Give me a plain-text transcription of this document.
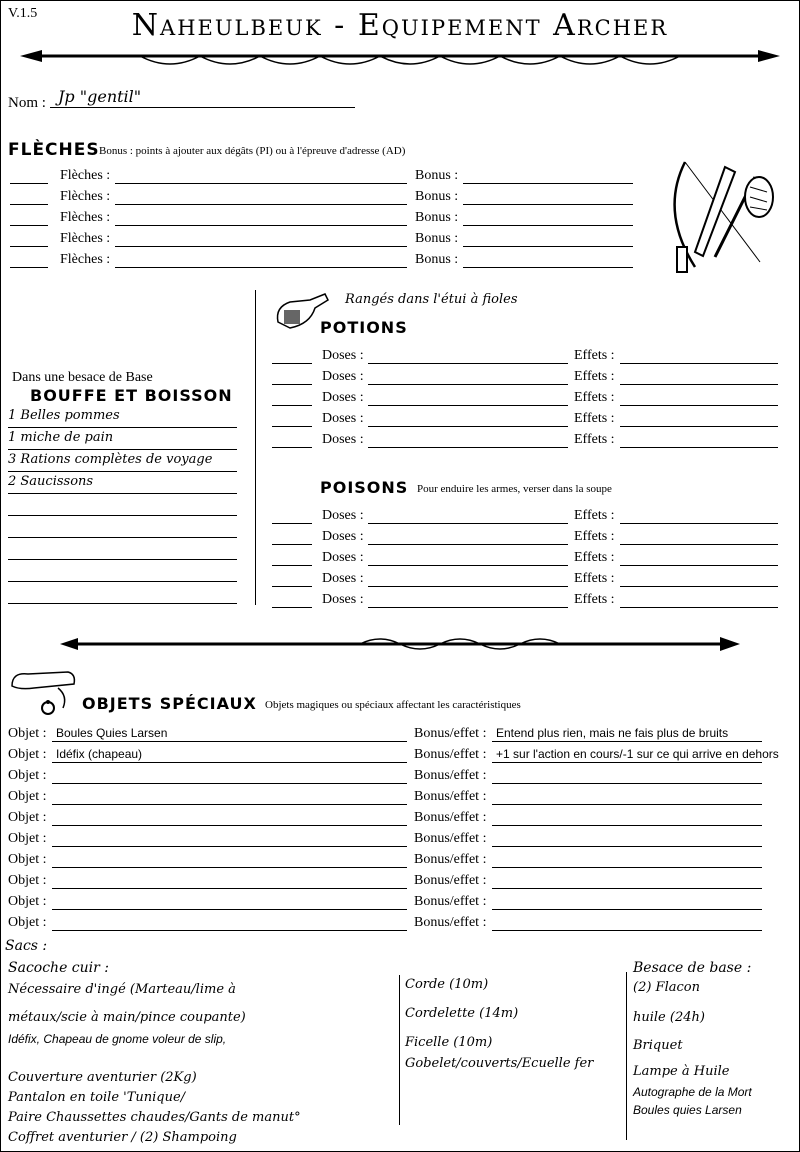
V.1.5	Naheulbeuk - Equipement Archer
Nom : Jp "gentil"
FLÈCHES Bonus : points à ajouter aux dégâts (PI) ou à l'épreuve d'adresse (AD)
Flèches :	Bonus :
Flèches :	Bonus :
Flèches :	Bonus :
Flèches :	Bonus :
Flèches :	Bonus :
Rangés dans l'étui à fioles
POTIONS
Doses :	Effets :
Doses :	Effets :
Doses :	Effets :
Doses :	Effets :
Doses :	Effets :
POISONS Pour enduire les armes, verser dans la soupe
Doses :	Effets :
Doses :	Effets :
Doses :	Effets :
Doses :	Effets :
Doses :	Effets :
Dans une besace de Base
BOUFFE ET BOISSON
1 Belles pommes
1 miche de pain
3 Rations complètes de voyage
2 Saucissons
OBJETS SPÉCIAUX Objets magiques ou spéciaux affectant les caractéristiques
Objet : Boules Quies Larsen	Bonus/effet : Entend plus rien, mais ne fais plus de bruits
Objet : Idéfix (chapeau)	Bonus/effet : +1 sur l'action en cours/-1 sur ce qui arrive en dehors
Objet :	Bonus/effet :
Objet :	Bonus/effet :
Objet :	Bonus/effet :
Objet :	Bonus/effet :
Objet :	Bonus/effet :
Objet :	Bonus/effet :
Objet :	Bonus/effet :
Objet :	Bonus/effet :
Sacs :
Sacoche cuir :
Nécessaire d'ingé (Marteau/lime à
métaux/scie à main/pince coupante)
Idéfix, Chapeau de gnome voleur de slip,
Couverture aventurier (2Kg)
Pantalon en toile 'Tunique/
Paire Chaussettes chaudes/Gants de manut°
Coffret aventurier / (2) Shampoing
Corde (10m)
Cordelette (14m)
Ficelle (10m)
Gobelet/couverts/Ecuelle fer
Besace de base :
(2) Flacon
huile (24h)
Briquet
Lampe à Huile
Autographe de la Mort
Boules quies Larsen
